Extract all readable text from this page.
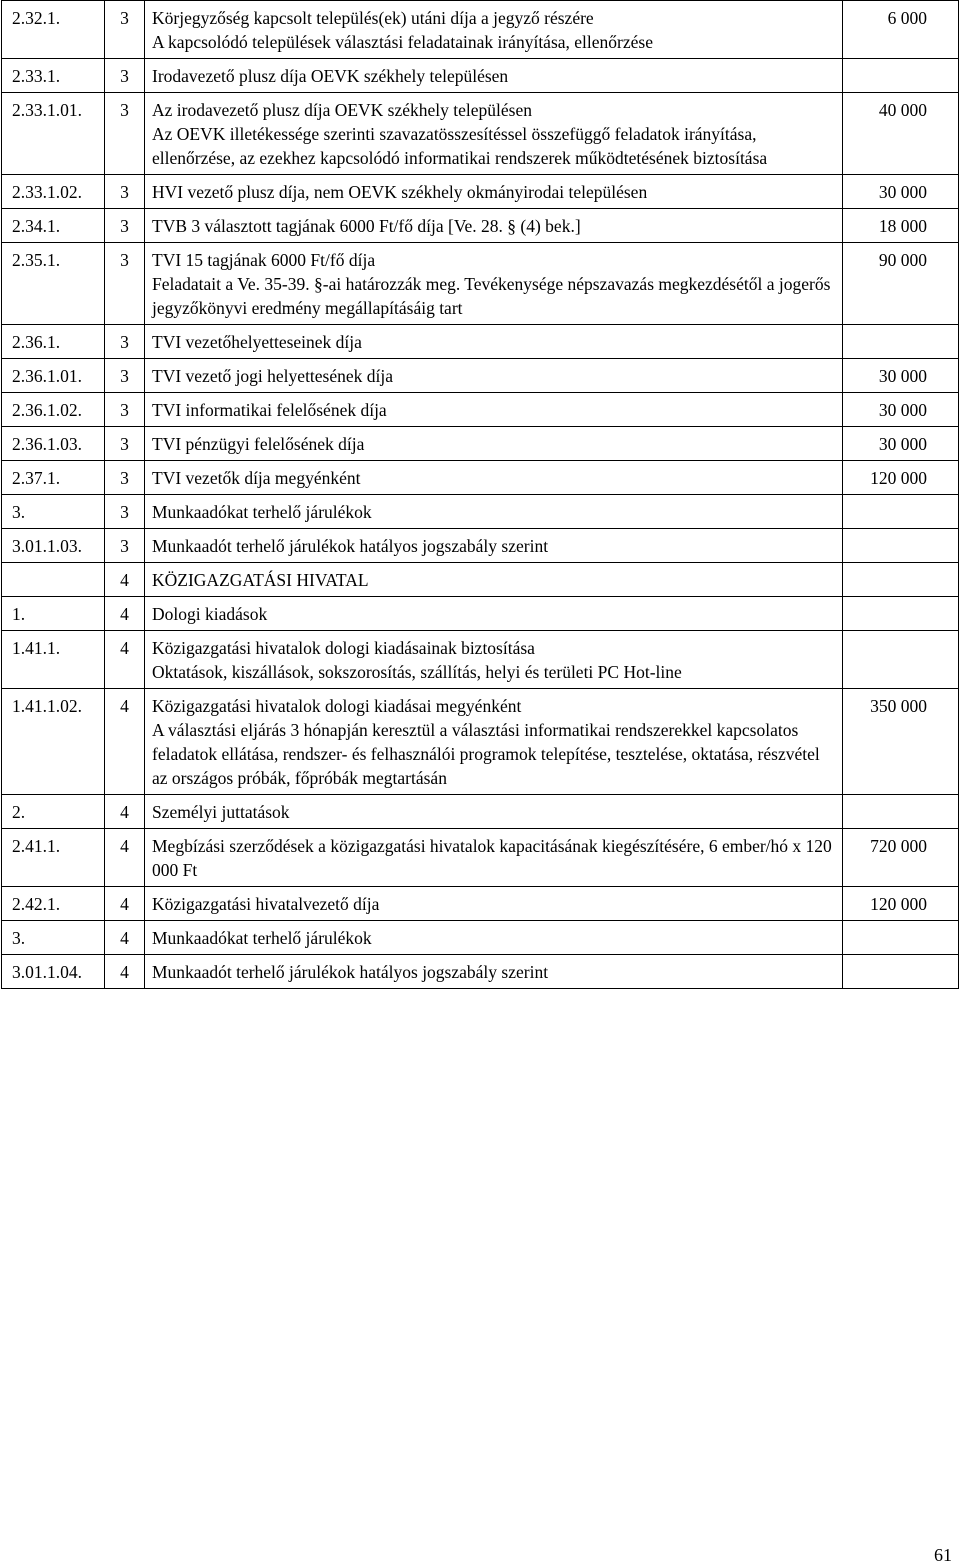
2.32.1.	3	Körjegyzőség kapcsolt település(ek) utáni díja a jegyző részére
A kapcsolódó települések választási feladatainak irányítása, ellenőrzése	6 000
2.33.1.	3	Irodavezető plusz díja OEVK székhely településen	

2.33.1.01.	3	Az irodavezető plusz díja OEVK székhely településen
Az OEVK illetékessége szerinti szavazatösszesítéssel összefüggő feladatok irányítása, ellenőrzése, az ezekhez kapcsolódó informatikai rendszerek működtetésének biztosítása	40 000
2.33.1.02.	3	HVI vezető plusz díja, nem OEVK székhely okmányirodai településen	30 000
2.34.1.	3	TVB 3 választott tagjának 6000 Ft/fő díja [Ve. 28. § (4) bek.]	18 000
2.35.1.	3	TVI 15 tagjának 6000 Ft/fő díja
Feladatait a Ve. 35-39. §-ai határozzák meg. Tevékenysége népszavazás megkezdésétől a jogerős jegyzőkönyvi eredmény megállapításáig tart	90 000
2.36.1.	3	TVI vezetőhelyetteseinek díja	

2.36.1.01.	3	TVI vezető jogi helyettesének díja	30 000
2.36.1.02.	3	TVI informatikai felelősének díja	30 000
2.36.1.03.	3	TVI pénzügyi felelősének díja	30 000
2.37.1.	3	TVI vezetők díja megyénként	120 000
3.	3	Munkaadókat terhelő járulékok	

3.01.1.03.	3	Munkaadót terhelő járulékok hatályos jogszabály szerint	

	4	KÖZIGAZGATÁSI HIVATAL	

1.	4	Dologi kiadások	

1.41.1.	4	Közigazgatási hivatalok dologi kiadásainak biztosítása
Oktatások, kiszállások, sokszorosítás, szállítás, helyi és területi PC Hot-line	

1.41.1.02.	4	Közigazgatási hivatalok dologi kiadásai megyénként
A választási eljárás 3 hónapján keresztül a választási informatikai rendszerekkel kapcsolatos feladatok ellátása, rendszer- és felhasználói programok telepítése, tesztelése, oktatása, részvétel az országos próbák, főpróbák megtartásán	350 000
2.	4	Személyi juttatások	

2.41.1.	4	Megbízási szerződések a közigazgatási hivatalok kapacitásának kiegészítésére, 6 ember/hó x 120 000 Ft	720 000
2.42.1.	4	Közigazgatási hivatalvezető díja	120 000
3.	4	Munkaadókat terhelő járulékok	

3.01.1.04.	4	Munkaadót terhelő járulékok hatályos jogszabály szerint	

61
